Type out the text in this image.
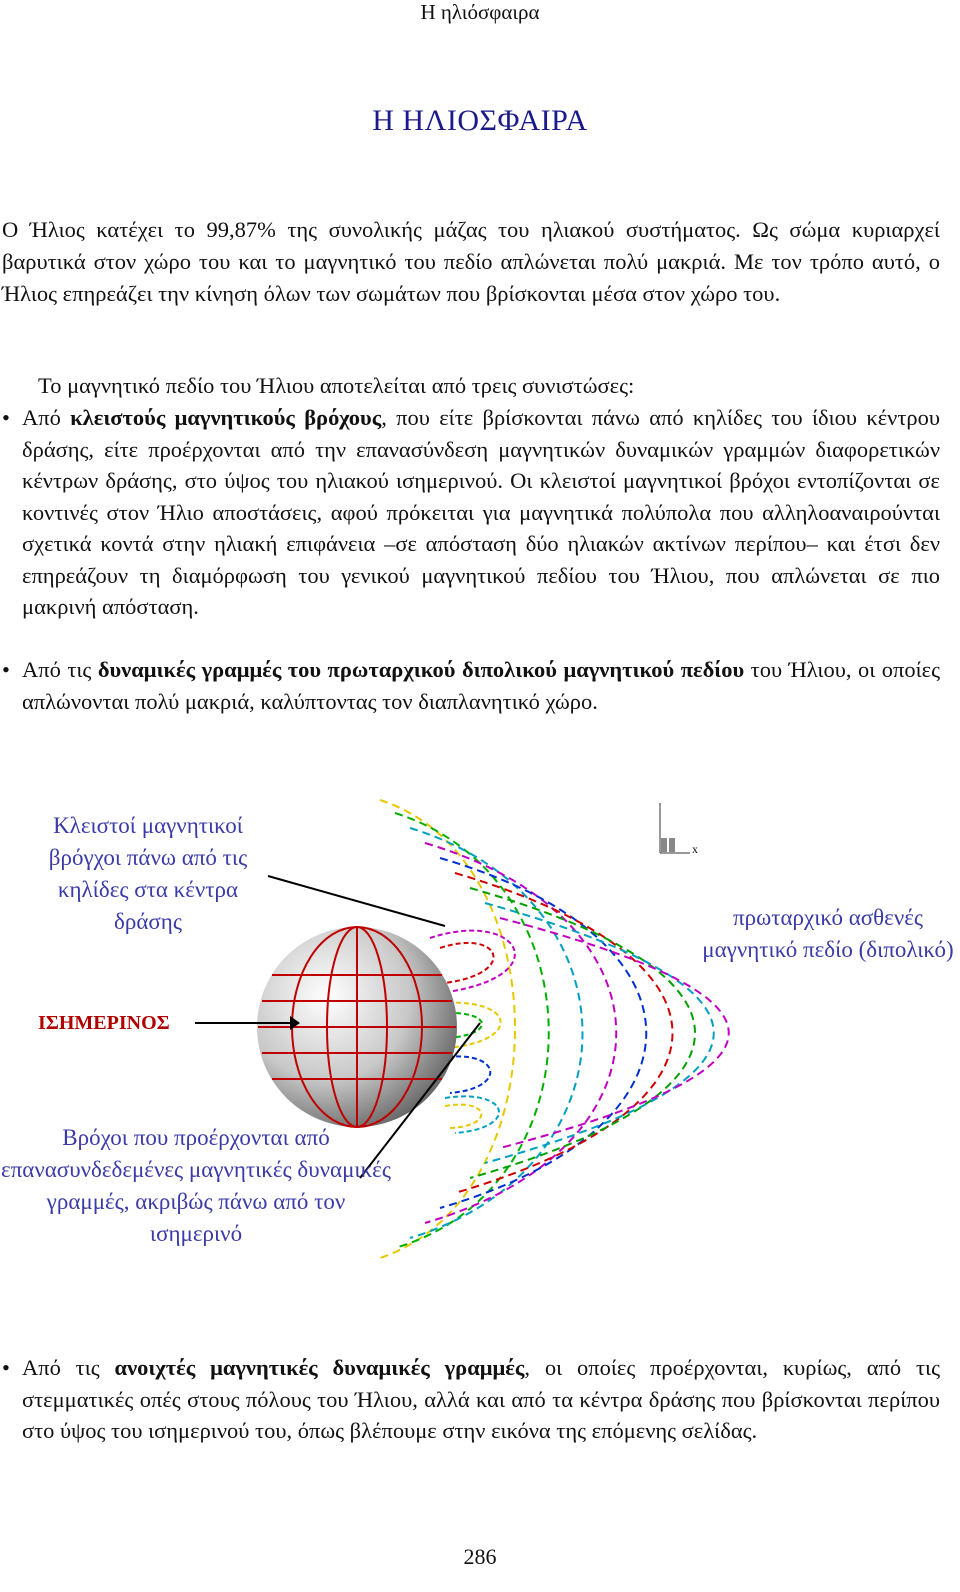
Η ηλιόσφαιρα
Η ΗΛΙΟΣΦΑΙΡΑ
Ο Ήλιος κατέχει το 99,87% της συνολικής μάζας του ηλιακού συστήματος. Ως σώμα κυριαρχεί βαρυτικά στον χώρο του και το μαγνητικό του πεδίο απλώνεται πολύ μακριά. Με τον τρόπο αυτό, ο Ήλιος επηρεάζει την κίνηση όλων των σωμάτων που βρίσκονται μέσα στον χώρο του.
Το μαγνητικό πεδίο του Ήλιου αποτελείται από τρεις συνιστώσες:
• Από κλειστούς μαγνητικούς βρόχους, που είτε βρίσκονται πάνω από κηλίδες του ίδιου κέντρου δράσης, είτε προέρχονται από την επανασύνδεση μαγνητικών δυναμικών γραμμών διαφορετικών κέντρων δράσης, στο ύψος του ηλιακού ισημερινού. Οι κλειστοί μαγνητικοί βρόχοι εντοπίζονται σε κοντινές στον Ήλιο αποστάσεις, αφού πρόκειται για μαγνητικά πολύπολα που αλληλοαναιρούνται σχετικά κοντά στην ηλιακή επιφάνεια –σε απόσταση δύο ηλιακών ακτίνων περίπου– και έτσι δεν επηρεάζουν τη διαμόρφωση του γενικού μαγνητικού πεδίου του Ήλιου, που απλώνεται σε πιο μακρινή απόσταση.
• Από τις δυναμικές γραμμές του πρωταρχικού διπολικού μαγνητικού πεδίου του Ήλιου, οι οποίες απλώνονται πολύ μακριά, καλύπτοντας τον διαπλανητικό χώρο.
x
Κλειστοί μαγνητικοί βρόγχοι πάνω από τις κηλίδες στα κέντρα δράσης	πρωταρχικό ασθενές μαγνητικό πεδίο (διπολικό)
ΙΣΗΜΕΡΙΝΟΣ
Βρόχοι που προέρχονται από επανασυνδεδεμένες μαγνητικές δυναμικές γραμμές, ακριβώς πάνω από τον ισημερινό
• Από τις ανοιχτές μαγνητικές δυναμικές γραμμές, οι οποίες προέρχονται, κυρίως, από τις στεμματικές οπές στους πόλους του Ήλιου, αλλά και από τα κέντρα δράσης που βρίσκονται περίπου στο ύψος του ισημερινού του, όπως βλέπουμε στην εικόνα της επόμενης σελίδας.
286
